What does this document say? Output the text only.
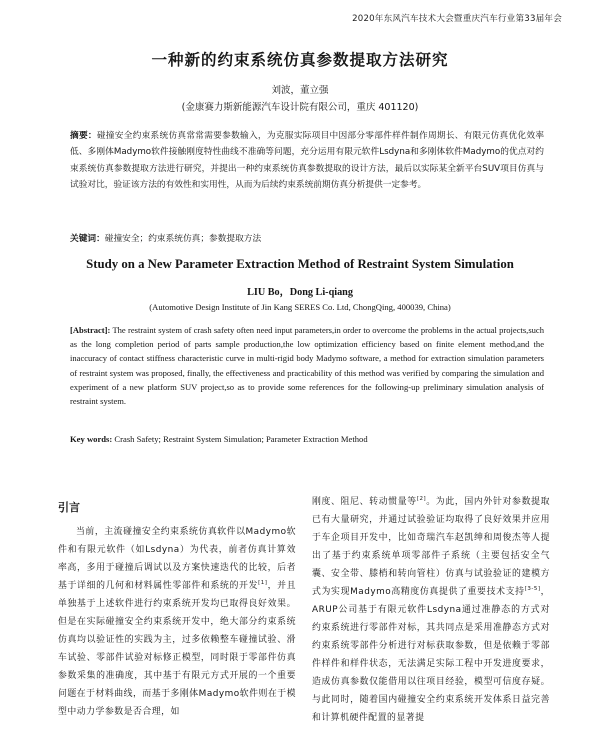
2020年东风汽车技术大会暨重庆汽车行业第33届年会
一种新的约束系统仿真参数提取方法研究
刘波，董立强
(金康赛力斯新能源汽车设计院有限公司，重庆 401120)
摘要：碰撞安全约束系统仿真常常需要参数输入，为克服实际项目中因部分零部件样件制作周期长、有限元仿真优化效率低、多刚体Madymo软件接触刚度特性曲线不准确等问题，充分运用有限元软件Lsdyna和多刚体软件Madymo的优点对约束系统仿真参数提取方法进行研究，并提出一种约束系统仿真参数提取的设计方法，最后以实际某全新平台SUV项目仿真与试验对比，验证该方法的有效性和实用性，从而为后续约束系统前期仿真分析提供一定参考。
关键词：碰撞安全；约束系统仿真；参数提取方法
Study on a New Parameter Extraction Method of Restraint System Simulation
LIU Bo，Dong Li-qiang
(Automotive Design Institute of Jin Kang SERES Co. Ltd, ChongQing, 400039, China)
[Abstract]: The restraint system of crash safety often need input parameters,in order to overcome the problems in the actual projects,such as the long completion period of parts sample production,the low optimization efficiency based on finite element method,and the inaccuracy of contact stiffness characteristic curve in multi-rigid body Madymo software, a method for extraction simulation parameters of restraint system was proposed, finally, the effectiveness and practicability of this method was verified by comparing the simulation and experiment of a new platform SUV project,so as to provide some references for the following-up preliminary simulation analysis of restraint system.
Key words: Crash Safety; Restraint System Simulation; Parameter Extraction Method
引言
当前，主流碰撞安全约束系统仿真软件以Madymo软件和有限元软件（如Lsdyna）为代表，前者仿真计算效率高，多用于碰撞后调试以及方案快速迭代的比较，后者基于详细的几何和材料属性零部件和系统的开发[1]，并且单独基于上述软件进行约束系统开发均已取得良好效果。但是在实际碰撞安全约束系统开发中，绝大部分约束系统仿真均以验证性的实践为主，过多依赖整车碰撞试验、滑车试验、零部件试验对标修正模型，同时限于零部件仿真参数采集的准确度，其中基于有限元方式开展的一个重要问题在于材料曲线，而基于多刚体Madymo软件则在于模型中动力学参数是否合理，如
刚度、阻尼、转动惯量等[2]。为此，国内外针对参数提取已有大量研究，并通过试验验证均取得了良好效果并应用于车企项目开发中，比如奇瑞汽车赵凯绅和周俊杰等人提出了基于约束系统单项零部件子系统（主要包括安全气囊、安全带、膝梢和转向管柱）仿真与试验验证的建模方式为实现Madymo高精度仿真提供了重要技术支持[3-5]，ARUP公司基于有限元软件Lsdyna通过准静态的方式对约束系统进行零部件对标，其共同点是采用准静态方式对约束系统零部件分析进行对标获取参数，但是依赖于零部件样件和样件状态，无法满足实际工程中开发进度要求，造成仿真参数仅能借用以往项目经验，模型可信度存疑。与此同时，随着国内碰撞安全约束系统开发体系日益完善和计算机硬件配置的显著提
